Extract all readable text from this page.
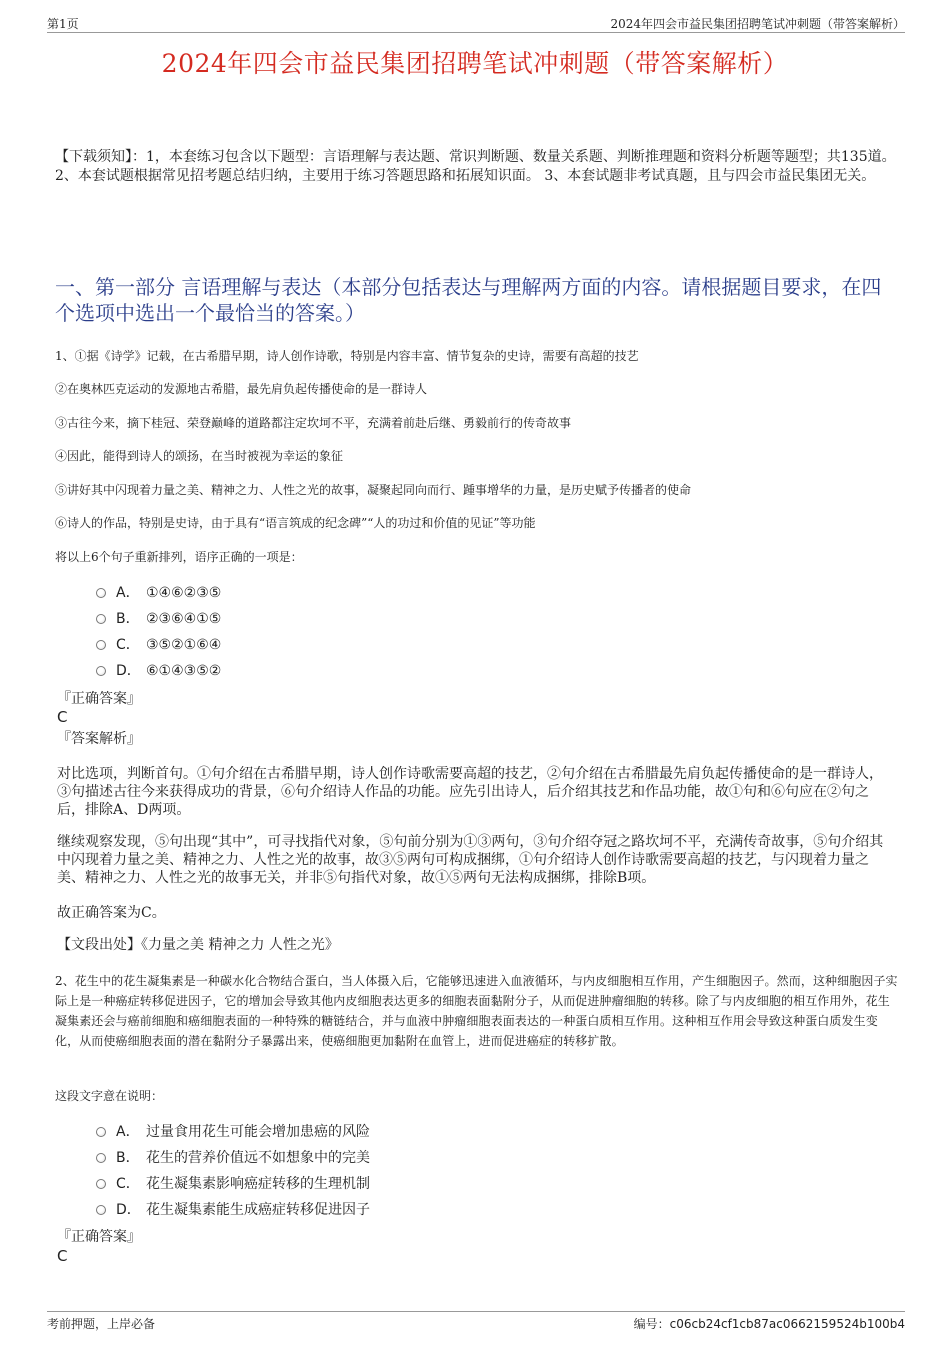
第1页	2024年四会市益民集团招聘笔试冲刺题（带答案解析）
2024年四会市益民集团招聘笔试冲刺题（带答案解析）
【下载须知】：1，本套练习包含以下题型：言语理解与表达题、常识判断题、数量关系题、判断推理题和资料分析题等题型；共135道。 2、本套试题根据常见招考题总结归纳，主要用于练习答题思路和拓展知识面。 3、本套试题非考试真题，且与四会市益民集团无关。
一、第一部分 言语理解与表达（本部分包括表达与理解两方面的内容。请根据题目要求，在四个选项中选出一个最恰当的答案。）
1、①据《诗学》记载，在古希腊早期，诗人创作诗歌，特别是内容丰富、情节复杂的史诗，需要有高超的技艺
②在奥林匹克运动的发源地古希腊，最先肩负起传播使命的是一群诗人
③古往今来，摘下桂冠、荣登巅峰的道路都注定坎坷不平，充满着前赴后继、勇毅前行的传奇故事
④因此，能得到诗人的颂扬，在当时被视为幸运的象征
⑤讲好其中闪现着力量之美、精神之力、人性之光的故事，凝聚起同向而行、踵事增华的力量，是历史赋予传播者的使命
⑥诗人的作品，特别是史诗，由于具有“语言筑成的纪念碑”“人的功过和价值的见证”等功能
将以上6个句子重新排列，语序正确的一项是：
A． ①④⑥②③⑤
B． ②③⑥④①⑤
C． ③⑤②①⑥④
D． ⑥①④③⑤②
『正确答案』
C
『答案解析』
对比选项，判断首句。①句介绍在古希腊早期，诗人创作诗歌需要高超的技艺，②句介绍在古希腊最先肩负起传播使命的是一群诗人，③句描述古往今来获得成功的背景，⑥句介绍诗人作品的功能。应先引出诗人，后介绍其技艺和作品功能，故①句和⑥句应在②句之后，排除A、D两项。
继续观察发现，⑤句出现“其中”，可寻找指代对象，⑤句前分别为①③两句，③句介绍夺冠之路坎坷不平，充满传奇故事，⑤句介绍其中闪现着力量之美、精神之力、人性之光的故事，故③⑤两句可构成捆绑，①句介绍诗人创作诗歌需要高超的技艺，与闪现着力量之美、精神之力、人性之光的故事无关，并非⑤句指代对象，故①⑤两句无法构成捆绑，排除B项。
故正确答案为C。
【文段出处】《力量之美 精神之力 人性之光》
2、花生中的花生凝集素是一种碳水化合物结合蛋白，当人体摄入后，它能够迅速进入血液循环，与内皮细胞相互作用，产生细胞因子。然而，这种细胞因子实际上是一种癌症转移促进因子，它的增加会导致其他内皮细胞表达更多的细胞表面黏附分子，从而促进肿瘤细胞的转移。除了与内皮细胞的相互作用外，花生凝集素还会与癌前细胞和癌细胞表面的一种特殊的糖链结合，并与血液中肿瘤细胞表面表达的一种蛋白质相互作用。这种相互作用会导致这种蛋白质发生变化，从而使癌细胞表面的潜在黏附分子暴露出来，使癌细胞更加黏附在血管上，进而促进癌症的转移扩散。
这段文字意在说明：
A． 过量食用花生可能会增加患癌的风险
B． 花生的营养价值远不如想象中的完美
C． 花生凝集素影响癌症转移的生理机制
D． 花生凝集素能生成癌症转移促进因子
『正确答案』
C
考前押题，上岸必备	编号：c06cb24cf1cb87ac0662159524b100b4
